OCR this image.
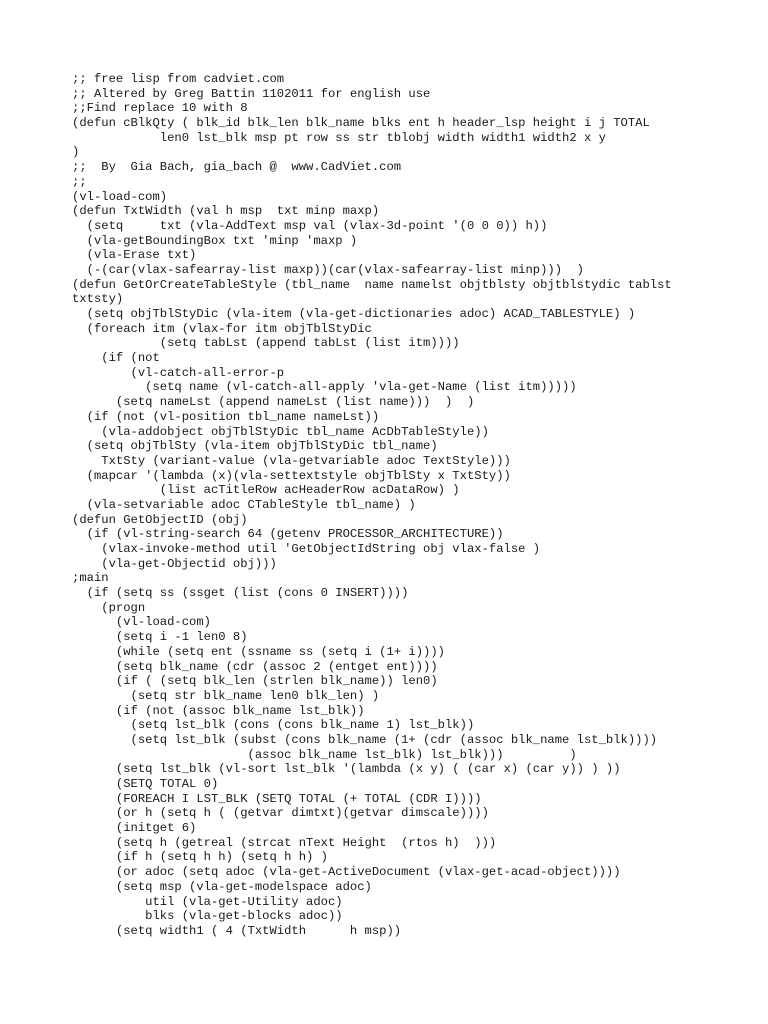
;; free lisp from cadviet.com
;; Altered by Greg Battin 1102011 for english use
;;Find replace 10 with 8
(defun cBlkQty ( blk_id blk_len blk_name blks ent h header_lsp height i j TOTAL
len0 lst_blk msp pt row ss str tblobj width width1 width2 x y
)
;;  By  Gia Bach, gia_bach @  www.CadViet.com
;;
(vl-load-com)
(defun TxtWidth (val h msp  txt minp maxp)
(setq     txt (vla-AddText msp val (vlax-3d-point '(0 0 0)) h))
(vla-getBoundingBox txt 'minp 'maxp )
(vla-Erase txt)
(-(car(vlax-safearray-list maxp))(car(vlax-safearray-list minp)))  )
(defun GetOrCreateTableStyle (tbl_name  name namelst objtblsty objtblstydic tablst
txtsty)
(setq objTblStyDic (vla-item (vla-get-dictionaries adoc) ACAD_TABLESTYLE) )
(foreach itm (vlax-for itm objTblStyDic
(setq tabLst (append tabLst (list itm))))
(if (not
(vl-catch-all-error-p
(setq name (vl-catch-all-apply 'vla-get-Name (list itm)))))
(setq nameLst (append nameLst (list name)))  )  )
(if (not (vl-position tbl_name nameLst))
(vla-addobject objTblStyDic tbl_name AcDbTableStyle))
(setq objTblSty (vla-item objTblStyDic tbl_name)
TxtSty (variant-value (vla-getvariable adoc TextStyle)))
(mapcar '(lambda (x)(vla-settextstyle objTblSty x TxtSty))
(list acTitleRow acHeaderRow acDataRow) )
(vla-setvariable adoc CTableStyle tbl_name) )
(defun GetObjectID (obj)
(if (vl-string-search 64 (getenv PROCESSOR_ARCHITECTURE))
(vlax-invoke-method util 'GetObjectIdString obj vlax-false )
(vla-get-Objectid obj)))
;main
(if (setq ss (ssget (list (cons 0 INSERT))))
(progn
(vl-load-com)
(setq i -1 len0 8)
(while (setq ent (ssname ss (setq i (1+ i))))
(setq blk_name (cdr (assoc 2 (entget ent))))
(if ( (setq blk_len (strlen blk_name)) len0)
(setq str blk_name len0 blk_len) )
(if (not (assoc blk_name lst_blk))
(setq lst_blk (cons (cons blk_name 1) lst_blk))
(setq lst_blk (subst (cons blk_name (1+ (cdr (assoc blk_name lst_blk))))
(assoc blk_name lst_blk) lst_blk)))         )
(setq lst_blk (vl-sort lst_blk '(lambda (x y) ( (car x) (car y)) ) ))
(SETQ TOTAL 0)
(FOREACH I LST_BLK (SETQ TOTAL (+ TOTAL (CDR I))))
(or h (setq h ( (getvar dimtxt)(getvar dimscale))))
(initget 6)
(setq h (getreal (strcat nText Height  (rtos h)  )))
(if h (setq h h) (setq h h) )
(or adoc (setq adoc (vla-get-ActiveDocument (vlax-get-acad-object))))
(setq msp (vla-get-modelspace adoc)
util (vla-get-Utility adoc)
blks (vla-get-blocks adoc))
(setq width1 ( 4 (TxtWidth      h msp))
